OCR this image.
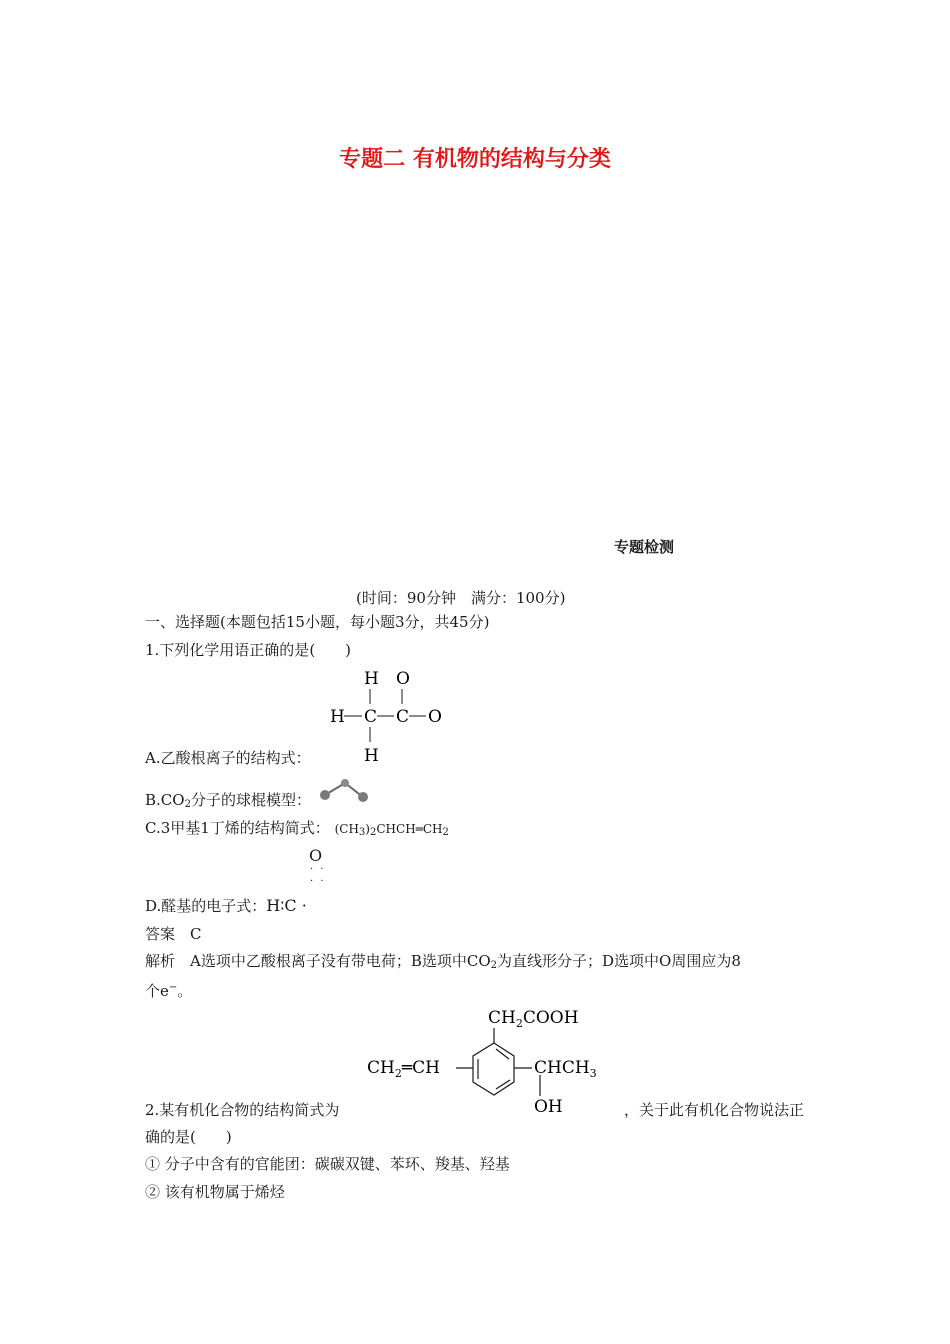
专题二 有机物的结构与分类
专题检测
(时间：90分钟　满分：100分)
一、选择题(本题包括15小题，每小题3分，共45分)
1.下列化学用语正确的是(　　)
H O
H C C O
H
A.乙酸根离子的结构式：
$B.CO_2$分子的球棍模型：
C.3甲基1丁烯的结构简式： $(CH_3)_2CHCH═CH_2$
O
· ·
· ·
D.醛基的电子式：H∶C ·
答案　C
解析　A选项中乙酸根离子没有带电荷；B选项中$CO_2$为直线形分子；D选项中O周围应为8
个e−。
$CH_2COOH$
$CH_2═CH$	$CHCH_3$
OH
2.某有机化合物的结构简式为	，关于此有机化合物说法正
确的是(　　)
① 分子中含有的官能团：碳碳双键、苯环、羧基、羟基
② 该有机物属于烯烃
